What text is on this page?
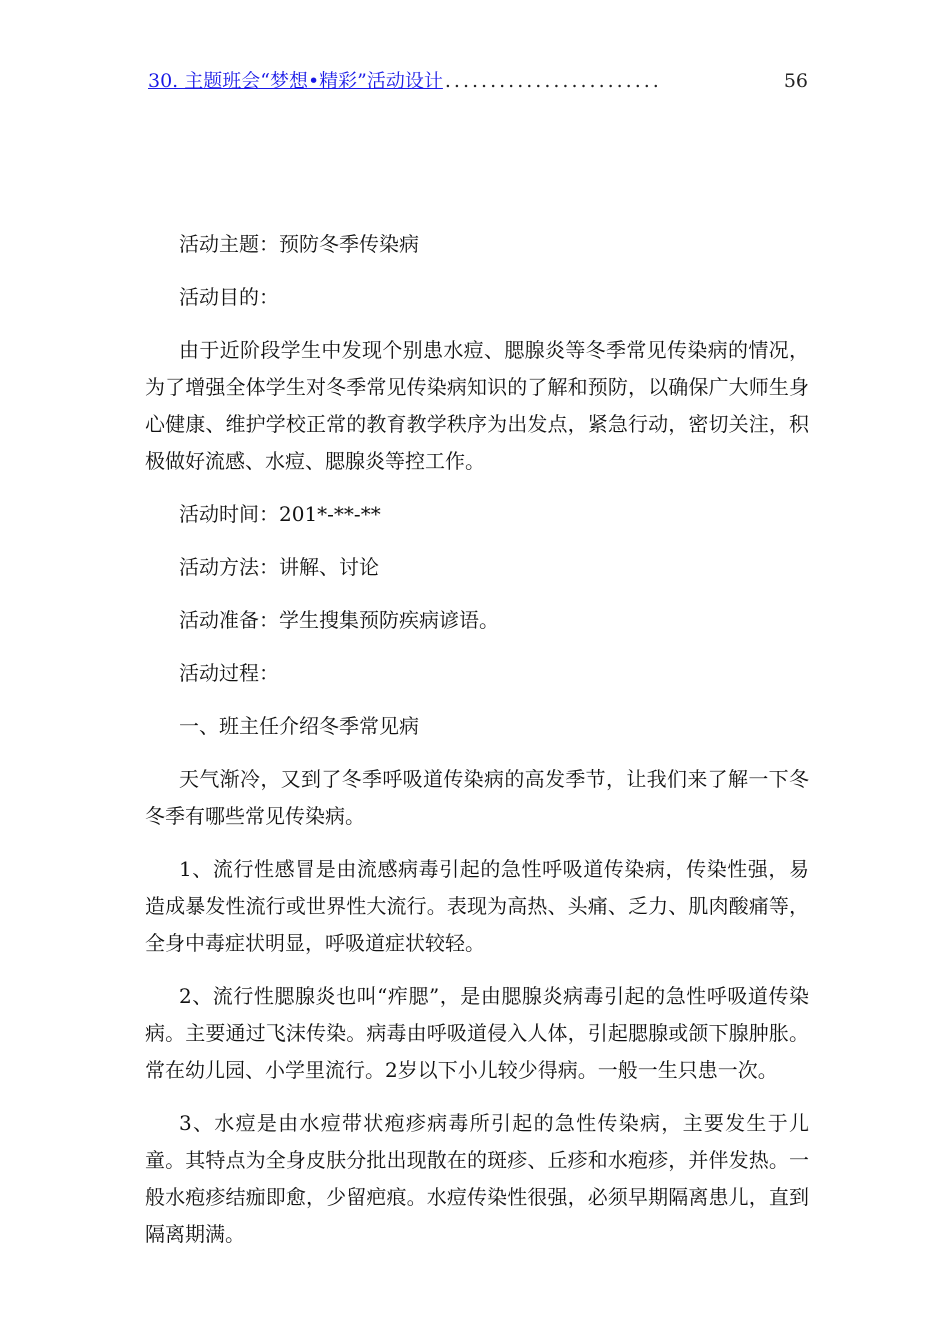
30. 主题班会“梦想•精彩”活动设计 ........................	56

活动主题：预防冬季传染病

活动目的：

由于近阶段学生中发现个别患水痘、腮腺炎等冬季常见传染病的情况，为了增强全体学生对冬季常见传染病知识的了解和预防，以确保广大师生身心健康、维护学校正常的教育教学秩序为出发点，紧急行动，密切关注，积极做好流感、水痘、腮腺炎等控工作。

活动时间：201*-**-**

活动方法：讲解、讨论

活动准备：学生搜集预防疾病谚语。

活动过程：

一、班主任介绍冬季常见病

天气渐冷，又到了冬季呼吸道传染病的高发季节，让我们来了解一下冬冬季有哪些常见传染病。

1、流行性感冒是由流感病毒引起的急性呼吸道传染病，传染性强，易造成暴发性流行或世界性大流行。表现为高热、头痛、乏力、肌肉酸痛等，全身中毒症状明显，呼吸道症状较轻。

2、流行性腮腺炎也叫“痄腮”，是由腮腺炎病毒引起的急性呼吸道传染病。主要通过飞沫传染。病毒由呼吸道侵入人体，引起腮腺或颌下腺肿胀。常在幼儿园、小学里流行。2岁以下小儿较少得病。一般一生只患一次。

3、水痘是由水痘带状疱疹病毒所引起的急性传染病，主要发生于儿童。其特点为全身皮肤分批出现散在的斑疹、丘疹和水疱疹，并伴发热。一般水疱疹结痂即愈，少留疤痕。水痘传染性很强，必须早期隔离患儿，直到隔离期满。
